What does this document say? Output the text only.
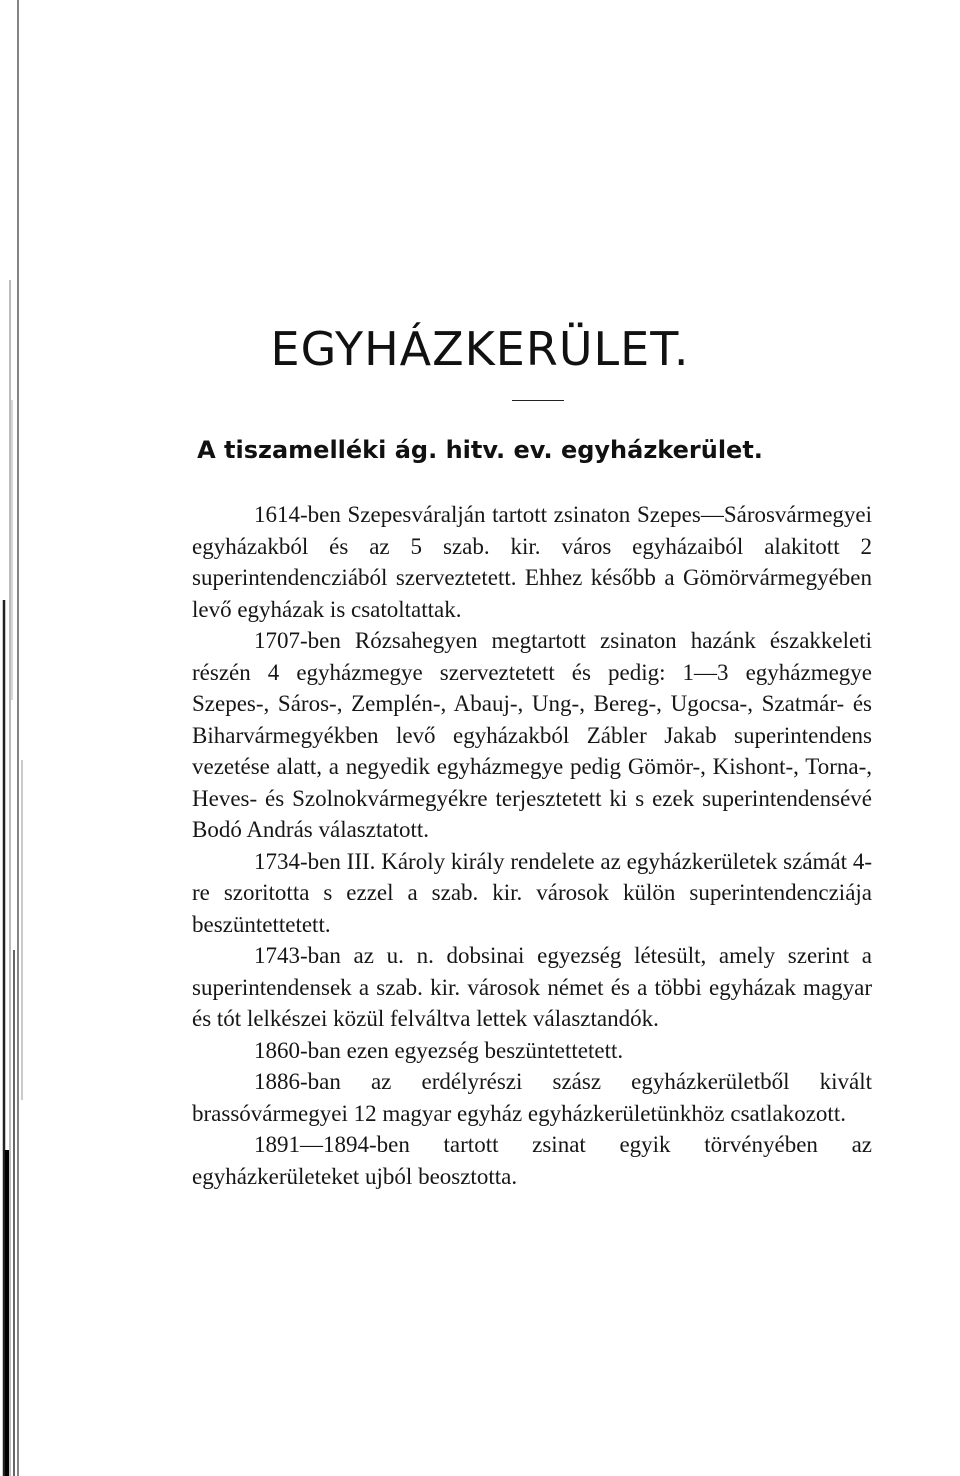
EGYHÁZKERÜLET.
A tiszamelléki ág. hitv. ev. egyházkerület.

1614-ben Szepesváralján tartott zsinaton Szepes—Sárosvármegyei egyházakból és az 5 szab. kir. város egyházaiból alakitott 2 superintendencziából szerveztetett. Ehhez később a Gömörvármegyében levő egyházak is csatoltattak.

1707-ben Rózsahegyen megtartott zsinaton hazánk északkeleti részén 4 egyházmegye szerveztetett és pedig: 1—3 egyházmegye Szepes-, Sáros-, Zemplén-, Abauj-, Ung-, Bereg-, Ugocsa-, Szatmár- és Biharvármegyékben levő egyházakból Zábler Jakab superintendens vezetése alatt, a negyedik egyházmegye pedig Gömör-, Kishont-, Torna-, Heves- és Szolnokvármegyékre terjesztetett ki s ezek superintendensévé Bodó András választatott.

1734-ben III. Károly király rendelete az egyházkerületek számát 4-re szoritotta s ezzel a szab. kir. városok külön superintendencziája beszüntettetett.

1743-ban az u. n. dobsinai egyezség létesült, amely szerint a superintendensek a szab. kir. városok német és a többi egyházak magyar és tót lelkészei közül felváltva lettek választandók.

1860-ban ezen egyezség beszüntettetett.

1886-ban az erdélyrészi szász egyházkerületből kivált brassóvármegyei 12 magyar egyház egyházkerületünkhöz csatlakozott.

1891—1894-ben tartott zsinat egyik törvényében az egyházkerületeket ujból beosztotta.
